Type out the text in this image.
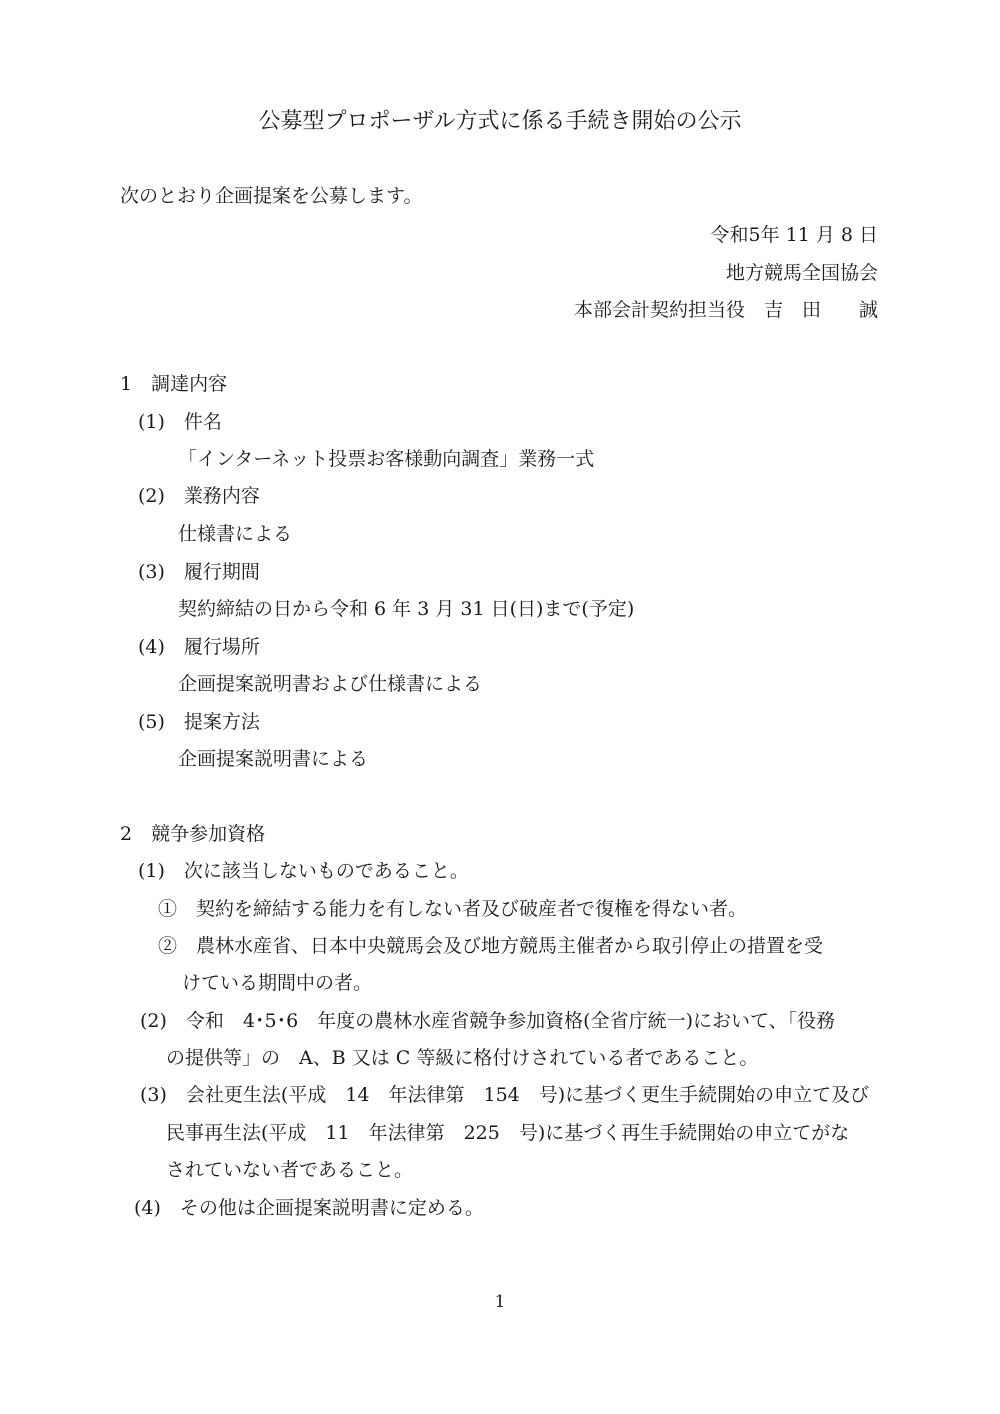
公募型プロポーザル方式に係る手続き開始の公示
次のとおり企画提案を公募します。
令和5年 11 月 8 日
地方競馬全国協会
本部会計契約担当役　吉　田　　誠
1　調達内容
(1)　件名
「インターネット投票お客様動向調査」業務一式
(2)　業務内容
仕様書による
(3)　履行期間
契約締結の日から令和 6 年 3 月 31 日(日)まで(予定)
(4)　履行場所
企画提案説明書および仕様書による
(5)　提案方法
企画提案説明書による
2　競争参加資格
(1)　次に該当しないものであること。
①　契約を締結する能力を有しない者及び破産者で復権を得ない者。
②　農林水産省、日本中央競馬会及び地方競馬主催者から取引停止の措置を受
けている期間中の者。
(2)　令和　4･5･6　年度の農林水産省競争参加資格(全省庁統一)において、「役務
の提供等」の　A、B 又は C 等級に格付けされている者であること。
(3)　会社更生法(平成　14　年法律第　154　号)に基づく更生手続開始の申立て及び
民事再生法(平成　11　年法律第　225　号)に基づく再生手続開始の申立てがな
されていない者であること。
(4)　その他は企画提案説明書に定める。
1
